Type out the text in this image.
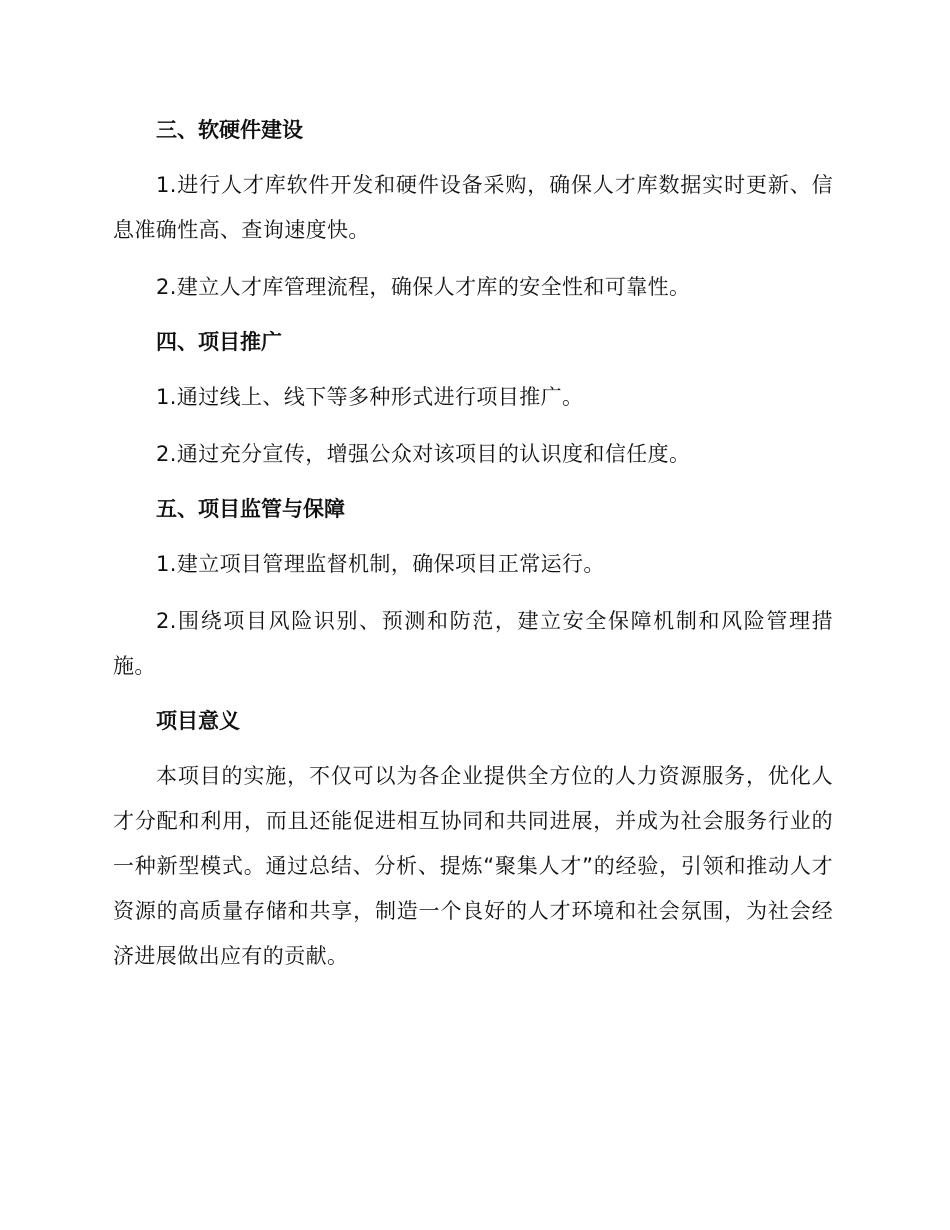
三、软硬件建设

1.进行人才库软件开发和硬件设备采购，确保人才库数据实时更新、信息准确性高、查询速度快。

2.建立人才库管理流程，确保人才库的安全性和可靠性。

四、项目推广

1.通过线上、线下等多种形式进行项目推广。

2.通过充分宣传，增强公众对该项目的认识度和信任度。

五、项目监管与保障

1.建立项目管理监督机制，确保项目正常运行。

2.围绕项目风险识别、预测和防范，建立安全保障机制和风险管理措施。

项目意义

本项目的实施，不仅可以为各企业提供全方位的人力资源服务，优化人才分配和利用，而且还能促进相互协同和共同进展，并成为社会服务行业的一种新型模式。通过总结、分析、提炼“聚集人才”的经验，引领和推动人才资源的高质量存储和共享，制造一个良好的人才环境和社会氛围，为社会经济进展做出应有的贡献。
